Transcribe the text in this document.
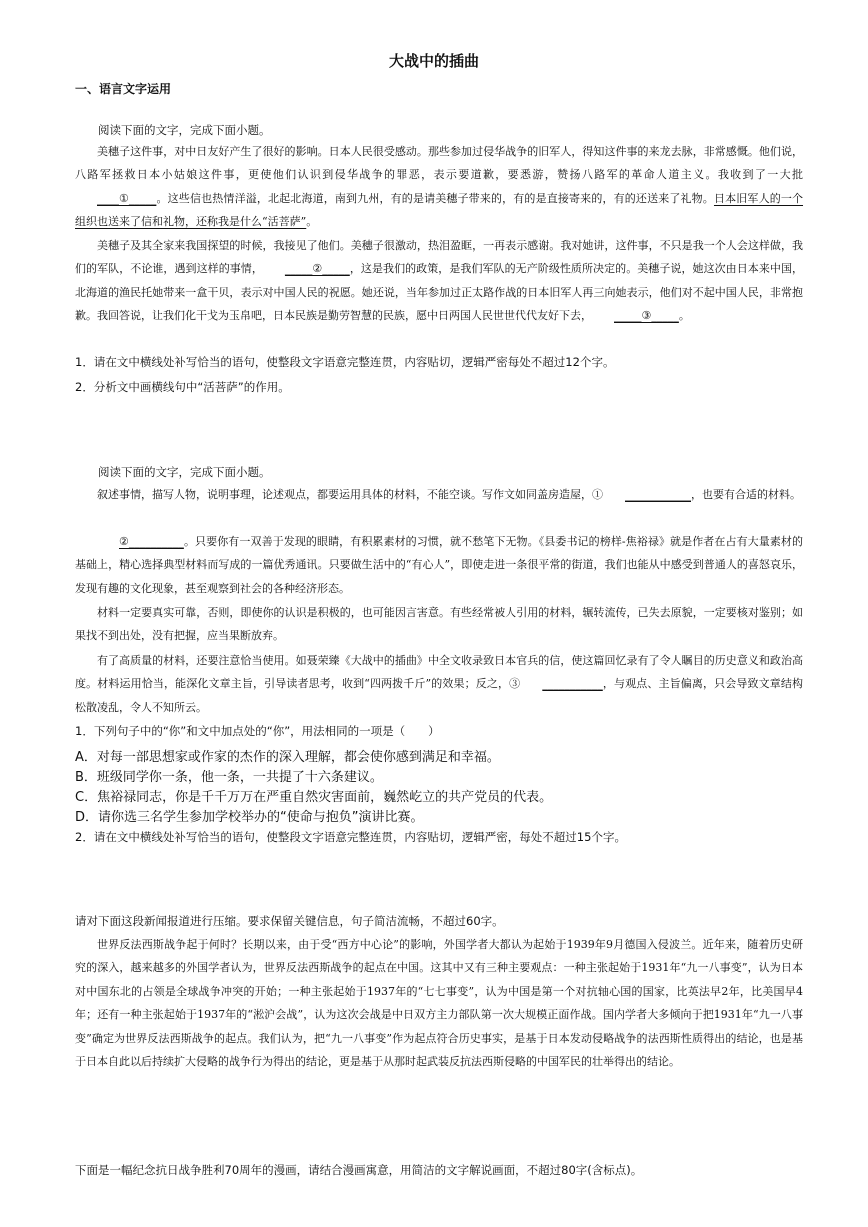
大战中的插曲
一、语言文字运用
阅读下面的文字，完成下面小题。

美穗子这件事，对中日友好产生了很好的影响。日本人民很受感动。那些参加过侵华战争的旧军人，得知这件事的来龙去脉，非常感慨。他们说，八路军拯救日本小姑娘这件事，更使他们认识到侵华战争的罪恶，表示要道歉，要悉游，赞扬八路军的革命人道主义。我收到了一大批____①_____。这些信也热情洋溢，北起北海道，南到九州，有的是请美穗子带来的，有的是直接寄来的，有的还送来了礼物。日本旧军人的一个组织也送来了信和礼物，还称我是什么“活菩萨”。

美穗子及其全家来我国探望的时候，我接见了他们。美穗子很激动，热泪盈眶，一再表示感谢。我对她讲，这件事，不只是我一个人会这样做，我们的军队，不论谁，遇到这样的事情， _____②_____，这是我们的政策，是我们军队的无产阶级性质所决定的。美穗子说，她这次由日本来中国，北海道的渔民托她带来一盒干贝，表示对中国人民的祝愿。她还说，当年参加过正太路作战的日本旧军人再三向她表示，他们对不起中国人民，非常抱歉。我回答说，让我们化干戈为玉帛吧，日本民族是勤劳智慧的民族，愿中日两国人民世世代代友好下去， _____③_____。

1．请在文中横线处补写恰当的语句，使整段文字语意完整连贯，内容贴切，逻辑严密每处不超过12个字。
2．分析文中画横线句中“活菩萨”的作用。
阅读下面的文字，完成下面小题。

叙述事情，描写人物，说明事理，论述观点，都要运用具体的材料，不能空谈。写作文如同盖房造屋，① ____________，也要有合适的材料。

②__________。只要你有一双善于发现的眼睛，有积累素材的习惯，就不愁笔下无物。《县委书记的榜样-焦裕禄》就是作者在占有大量素材的基础上，精心选择典型材料而写成的一篇优秀通讯。只要做生活中的“有心人”，即使走进一条很平常的街道，我们也能从中感受到普通人的喜怒哀乐，发现有趣的文化现象，甚至观察到社会的各种经济形态。

材料一定要真实可靠，否则，即使你的认识是积极的，也可能因言害意。有些经常被人引用的材料，辗转流传，已失去原貌，一定要核对鉴别；如果找不到出处，没有把握，应当果断放弃。

有了高质量的材料，还要注意恰当使用。如聂荣臻《大战中的插曲》中全文收录致日本官兵的信，使这篇回忆录有了令人瞩目的历史意义和政治高度。材料运用恰当，能深化文章主旨，引导读者思考，收到“四两拨千斤”的效果；反之，③ ___________，与观点、主旨偏离，只会导致文章结构松散凌乱，令人不知所云。

1．下列句子中的“你”和文中加点处的“你”，用法相同的一项是（　　）
A．对每一部思想家或作家的杰作的深入理解，都会使你感到满足和幸福。
B．班级同学你一条，他一条，一共提了十六条建议。
C．焦裕禄同志，你是千千万万在严重自然灾害面前，巍然屹立的共产党员的代表。
D．请你选三名学生参加学校举办的“使命与抱负”演讲比赛。
2．请在文中横线处补写恰当的语句，使整段文字语意完整连贯，内容贴切，逻辑严密，每处不超过15个字。
请对下面这段新闻报道进行压缩。要求保留关键信息，句子简洁流畅，不超过60字。

世界反法西斯战争起于何时？长期以来，由于受“西方中心论”的影响，外国学者大都认为起始于1939年9月德国入侵波兰。近年来，随着历史研究的深入，越来越多的外国学者认为，世界反法西斯战争的起点在中国。这其中又有三种主要观点：一种主张起始于1931年“九一八事变”，认为日本对中国东北的占领是全球战争冲突的开始；一种主张起始于1937年的“七七事变”，认为中国是第一个对抗轴心国的国家，比英法早2年，比美国早4年；还有一种主张起始于1937年的“淞沪会战”，认为这次会战是中日双方主力部队第一次大规模正面作战。国内学者大多倾向于把1931年“九一八事变”确定为世界反法西斯战争的起点。我们认为，把“九一八事变”作为起点符合历史事实，是基于日本发动侵略战争的法西斯性质得出的结论，也是基于日本自此以后持续扩大侵略的战争行为得出的结论，更是基于从那时起武装反抗法西斯侵略的中国军民的壮举得出的结论。

下面是一幅纪念抗日战争胜利70周年的漫画，请结合漫画寓意，用简洁的文字解说画面，不超过80字(含标点)。
